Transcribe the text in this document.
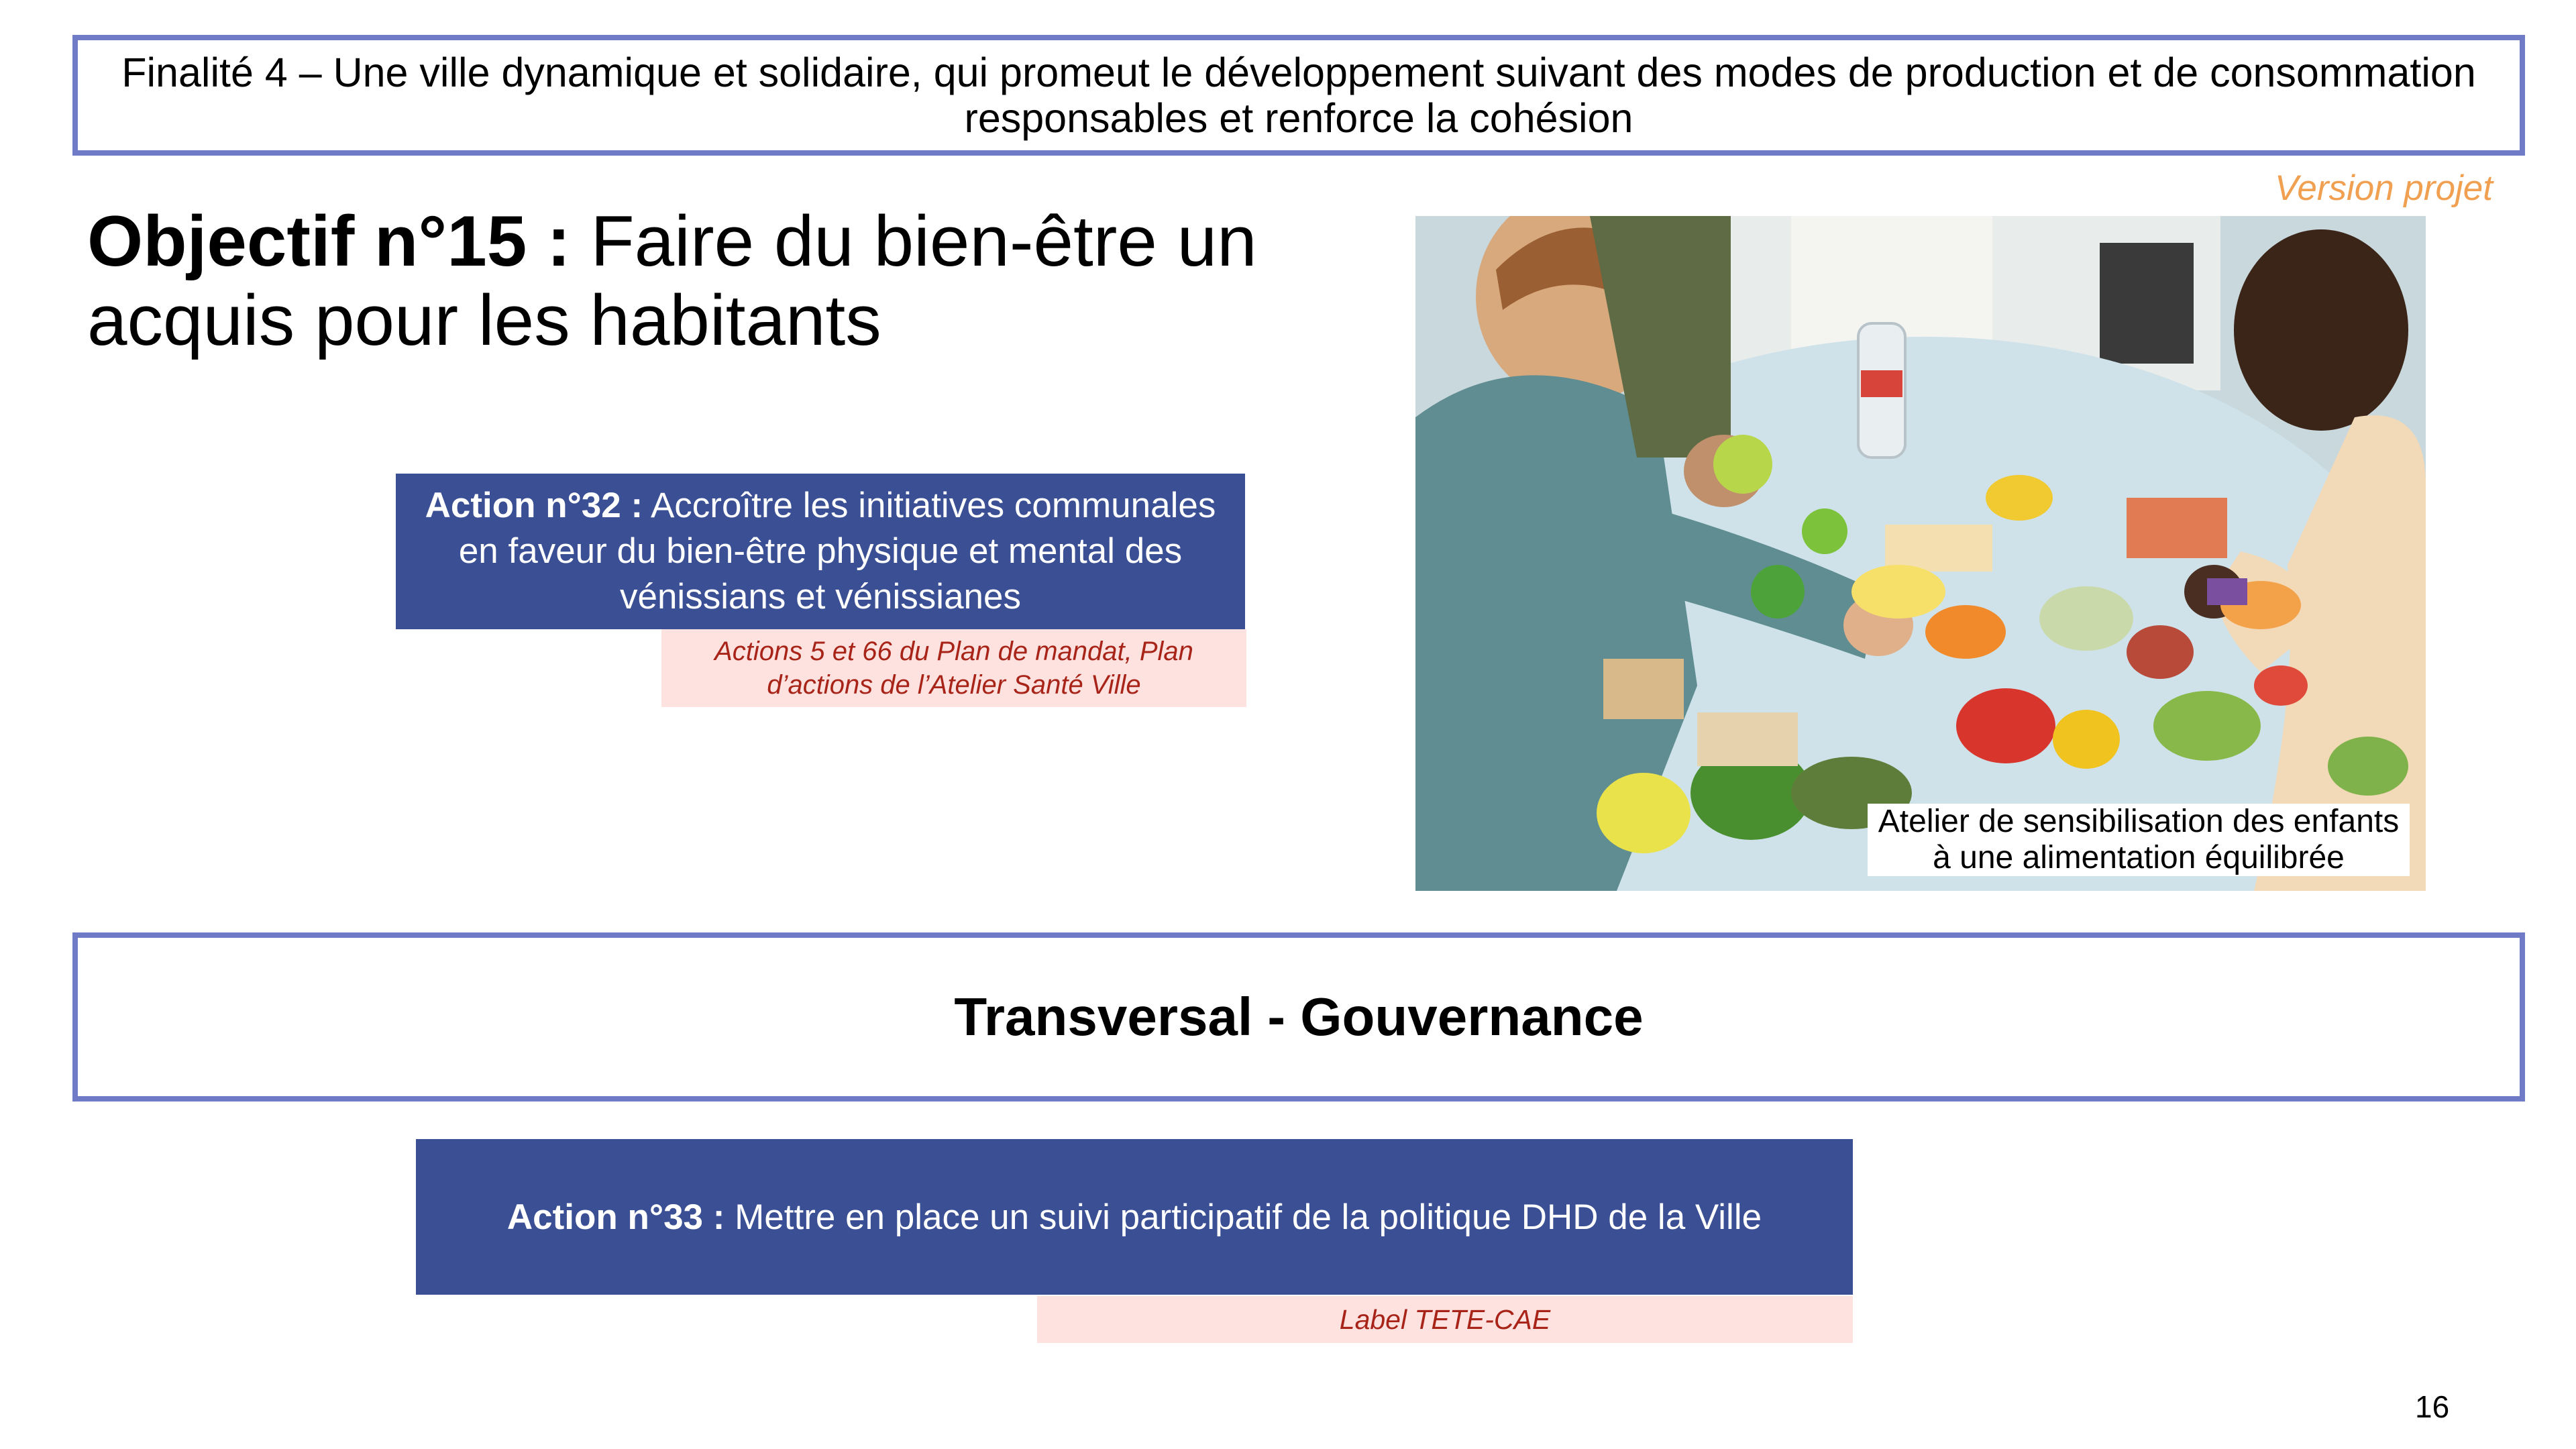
Finalité 4 – Une ville dynamique et solidaire, qui promeut le développement suivant des modes de production et de consommation responsables et renforce la cohésion
Version projet
Objectif n°15 : Faire du bien-être un acquis pour les habitants
Action n°32 : Accroître les initiatives communales en faveur du bien-être physique et mental des vénissians et vénissianes
Actions 5 et 66 du Plan de mandat, Plan d’actions de l’Atelier Santé Ville
Atelier de sensibilisation des enfants à une alimentation équilibrée
Transversal - Gouvernance
Action n°33 : Mettre en place un suivi participatif de la politique DHD de la Ville
Label TETE-CAE
16
